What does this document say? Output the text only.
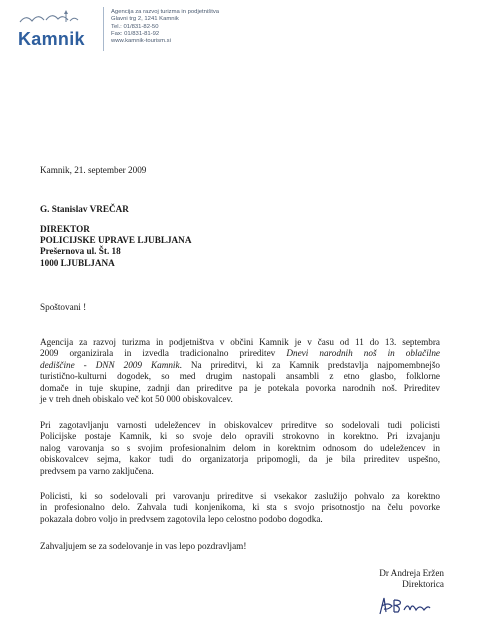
Kamnik
Agencija za razvoj turizma in podjetništva
Glavni trg 2, 1241 Kamnik
Tel.: 01/831-82-50
Fax: 01/831-81-92
www.kamnik-tourism.si
Kamnik, 21. september 2009
G. Stanislav VREČAR
DIREKTOR
POLICIJSKE UPRAVE LJUBLJANA
Prešernova ul. Št. 18
1000 LJUBLJANA
Spoštovani !
Agencija za razvoj turizma in podjetništva v občini Kamnik je v času od 11 do 13. septembra
2009 organizirala in izvedla tradicionalno prireditev Dnevi narodnih noš in oblačilne
dediščine - DNN 2009 Kamnik. Na prireditvi, ki za Kamnik predstavlja najpomembnejšo
turistično-kulturni dogodek, so med drugim nastopali ansambli z etno glasbo, folklorne
domače in tuje skupine, zadnji dan prireditve pa je potekala povorka narodnih noš. Prireditev
je v treh dneh obiskalo več kot 50 000 obiskovalcev.
Pri zagotavljanju varnosti udeležencev in obiskovalcev prireditve so sodelovali tudi policisti
Policijske postaje Kamnik, ki so svoje delo opravili strokovno in korektno. Pri izvajanju
nalog varovanja so s svojim profesionalnim delom in korektnim odnosom do udeležencev in
obiskovalcev sejma, kakor tudi do organizatorja pripomogli, da je bila prireditev uspešno,
predvsem pa varno zaključena.
Policisti, ki so sodelovali pri varovanju prireditve si vsekakor zaslužijo pohvalo za korektno
in profesionalno delo. Zahvala tudi konjenikoma, ki sta s svojo prisotnostjo na čelu povorke
pokazala dobro voljo in predvsem zagotovila lepo celostno podobo dogodka.
Zahvaljujem se za sodelovanje in vas lepo pozdravljam!
Dr Andreja Eržen
Direktorica
